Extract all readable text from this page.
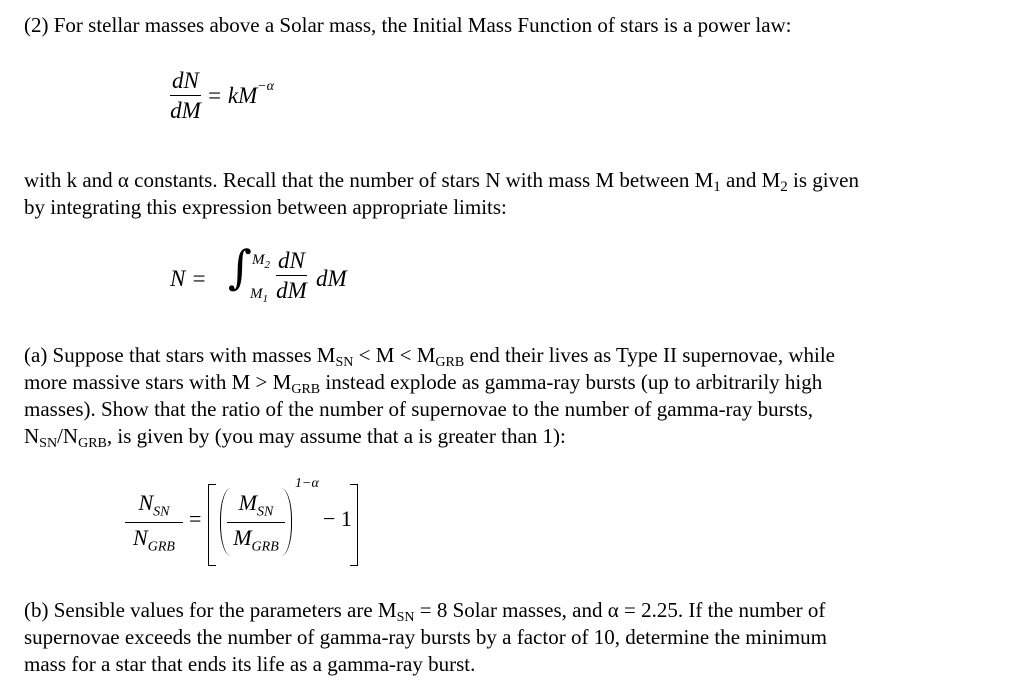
(2) For stellar masses above a Solar mass, the Initial Mass Function of stars is a power law:
$\frac{dN}{dM} = kM^{-\alpha}$
with k and α constants. Recall that the number of stars N with mass M between $M_1$ and $M_2$ is given
by integrating this expression between appropriate limits:
N = ∫ $M_2$
$M_1 \frac{dN}{dM}$ dM
(a) Suppose that stars with masses $M_{SN} < M < M_{GRB}$ end their lives as Type II supernovae, while
more massive stars with $M > M_{GRB}$ instead explode as gamma-ray bursts (up to arbitrarily high
masses). Show that the ratio of the number of supernovae to the number of gamma-ray bursts,
$N_{SN}/N_{GRB}$, is given by (you may assume that a is greater than 1):
$N_{SN}$
$N_{GRB}$
=
$M_{SN}$
$M_{GRB}$
1−α
− 1
(b) Sensible values for the parameters are $M_{SN} = 8$ Solar masses, and α = 2.25. If the number of
supernovae exceeds the number of gamma-ray bursts by a factor of 10, determine the minimum
mass for a star that ends its life as a gamma-ray burst.
